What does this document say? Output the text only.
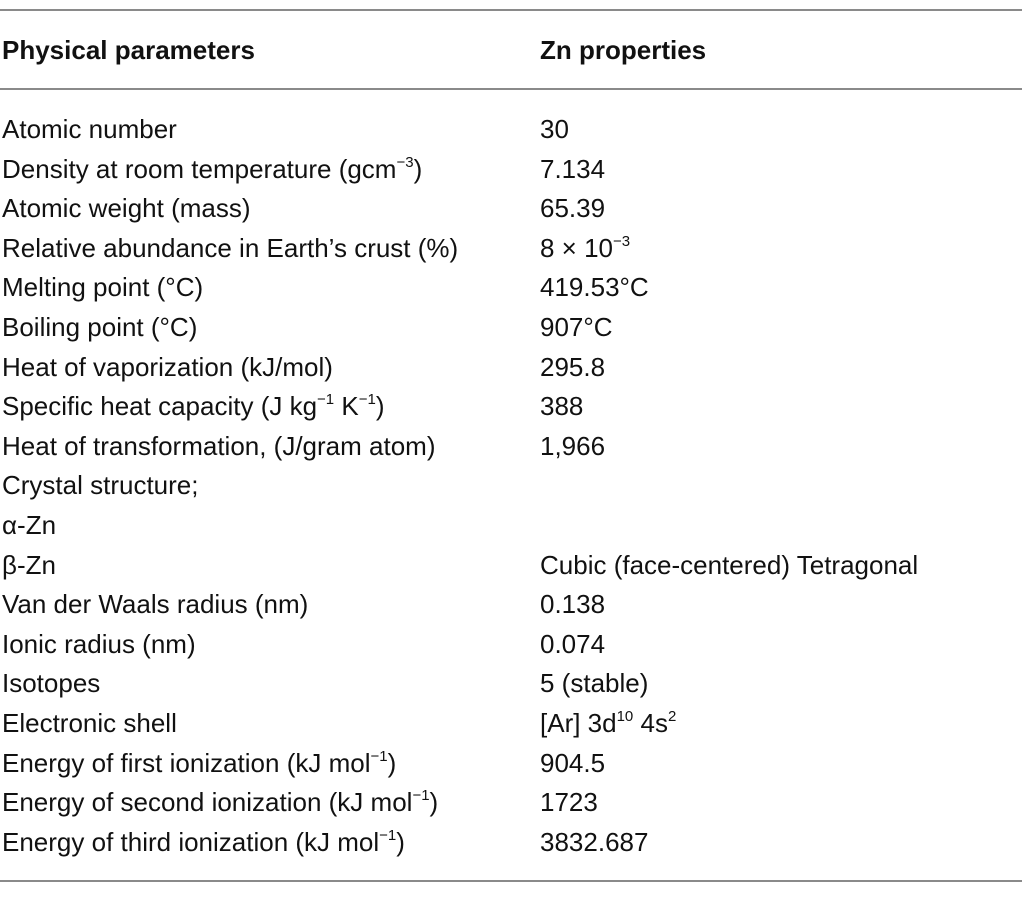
Physical parameters	Zn properties
Atomic number	30
Density at room temperature (gcm$^{-3}$)	7.134
Atomic weight (mass)	65.39
Relative abundance in Earth’s crust (%)	$8 \times 10^{-3}$
Melting point (°C)	419.53°C
Boiling point (°C)	907°C
Heat of vaporization (kJ/mol)	295.8
Specific heat capacity (J $kg^{-1}$ $K^{-1}$)	388
Heat of transformation, (J/gram atom)	1,966
Crystal structure;
α-Zn
β-Zn	Cubic (face-centered) Tetragonal
Van der Waals radius (nm)	0.138
Ionic radius (nm)	0.074
Isotopes	5 (stable)
Electronic shell	[Ar] $3d^{10}$ $4s^2$
Energy of first ionization (kJ mol$^{-1}$)	904.5
Energy of second ionization (kJ mol$^{-1}$)	1723
Energy of third ionization (kJ mol$^{-1}$)	3832.687
